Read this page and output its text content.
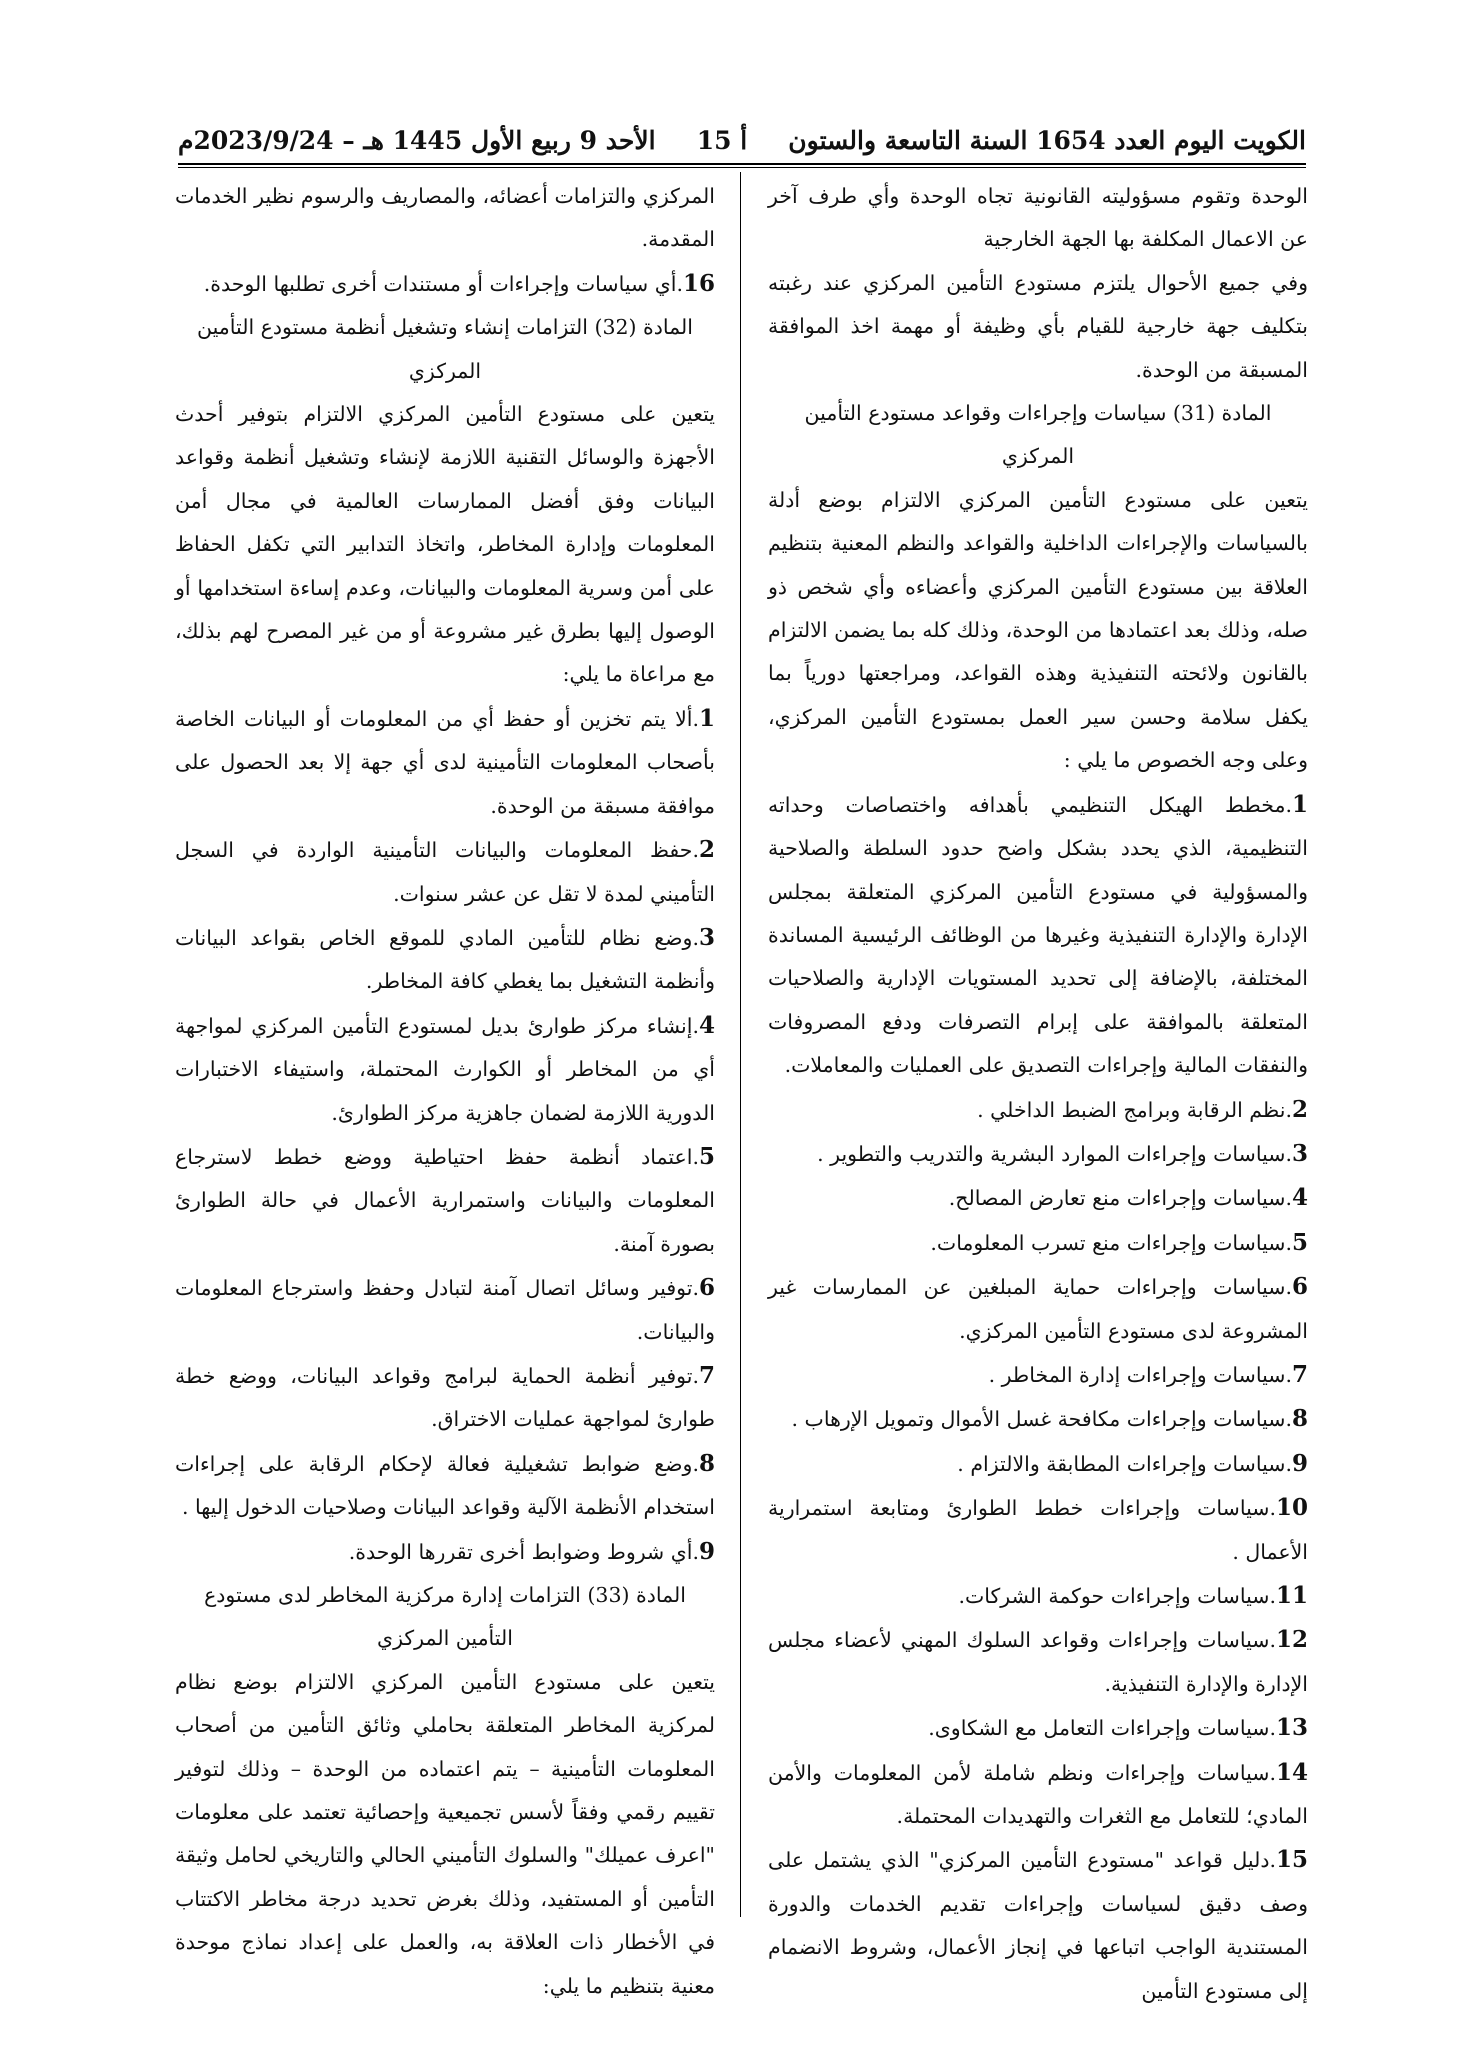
الكويت اليوم العدد 1654 السنة التاسعة والستون
أ 15
الأحد 9 ربيع الأول 1445 هـ – 2023/9/24م

الوحدة وتقوم مسؤوليته القانونية تجاه الوحدة وأي طرف آخر عن الاعمال المكلفة بها الجهة الخارجية

وفي جميع الأحوال يلتزم مستودع التأمين المركزي عند رغبته بتكليف جهة خارجية للقيام بأي وظيفة أو مهمة اخذ الموافقة المسبقة من الوحدة.

المادة (31) سياسات وإجراءات وقواعد مستودع التأمين المركزي

يتعين على مستودع التأمين المركزي الالتزام بوضع أدلة بالسياسات والإجراءات الداخلية والقواعد والنظم المعنية بتنظيم العلاقة بين مستودع التأمين المركزي وأعضاءه وأي شخص ذو صله، وذلك بعد اعتمادها من الوحدة، وذلك كله بما يضمن الالتزام بالقانون ولائحته التنفيذية وهذه القواعد، ومراجعتها دورياً بما يكفل سلامة وحسن سير العمل بمستودع التأمين المركزي، وعلى وجه الخصوص ما يلي :

1.مخطط الهيكل التنظيمي بأهدافه واختصاصات وحداته التنظيمية، الذي يحدد بشكل واضح حدود السلطة والصلاحية والمسؤولية في مستودع التأمين المركزي المتعلقة بمجلس الإدارة والإدارة التنفيذية وغيرها من الوظائف الرئيسية المساندة المختلفة، بالإضافة إلى تحديد المستويات الإدارية والصلاحيات المتعلقة بالموافقة على إبرام التصرفات ودفع المصروفات والنفقات المالية وإجراءات التصديق على العمليات والمعاملات.

2.نظم الرقابة وبرامج الضبط الداخلي .

3.سياسات وإجراءات الموارد البشرية والتدريب والتطوير .

4.سياسات وإجراءات منع تعارض المصالح.

5.سياسات وإجراءات منع تسرب المعلومات.

6.سياسات وإجراءات حماية المبلغين عن الممارسات غير المشروعة لدى مستودع التأمين المركزي.

7.سياسات وإجراءات إدارة المخاطر .

8.سياسات وإجراءات مكافحة غسل الأموال وتمويل الإرهاب .

9.سياسات وإجراءات المطابقة والالتزام .

10.سياسات وإجراءات خطط الطوارئ ومتابعة استمرارية الأعمال .

11.سياسات وإجراءات حوكمة الشركات.

12.سياسات وإجراءات وقواعد السلوك المهني لأعضاء مجلس الإدارة والإدارة التنفيذية.

13.سياسات وإجراءات التعامل مع الشكاوى.

14.سياسات وإجراءات ونظم شاملة لأمن المعلومات والأمن المادي؛ للتعامل مع الثغرات والتهديدات المحتملة.

15.دليل قواعد "مستودع التأمين المركزي" الذي يشتمل على وصف دقيق لسياسات وإجراءات تقديم الخدمات والدورة المستندية الواجب اتباعها في إنجاز الأعمال، وشروط الانضمام إلى مستودع التأمين

المركزي والتزامات أعضائه، والمصاريف والرسوم نظير الخدمات المقدمة.

16.أي سياسات وإجراءات أو مستندات أخرى تطلبها الوحدة.

المادة (32) التزامات إنشاء وتشغيل أنظمة مستودع التأمين المركزي

يتعين على مستودع التأمين المركزي الالتزام بتوفير أحدث الأجهزة والوسائل التقنية اللازمة لإنشاء وتشغيل أنظمة وقواعد البيانات وفق أفضل الممارسات العالمية في مجال أمن المعلومات وإدارة المخاطر، واتخاذ التدابير التي تكفل الحفاظ على أمن وسرية المعلومات والبيانات، وعدم إساءة استخدامها أو الوصول إليها بطرق غير مشروعة أو من غير المصرح لهم بذلك، مع مراعاة ما يلي:

1.ألا يتم تخزين أو حفظ أي من المعلومات أو البيانات الخاصة بأصحاب المعلومات التأمينية لدى أي جهة إلا بعد الحصول على موافقة مسبقة من الوحدة.

2.حفظ المعلومات والبيانات التأمينية الواردة في السجل التأميني لمدة لا تقل عن عشر سنوات.

3.وضع نظام للتأمين المادي للموقع الخاص بقواعد البيانات وأنظمة التشغيل بما يغطي كافة المخاطر.

4.إنشاء مركز طوارئ بديل لمستودع التأمين المركزي لمواجهة أي من المخاطر أو الكوارث المحتملة، واستيفاء الاختبارات الدورية اللازمة لضمان جاهزية مركز الطوارئ.

5.اعتماد أنظمة حفظ احتياطية ووضع خطط لاسترجاع المعلومات والبيانات واستمرارية الأعمال في حالة الطوارئ بصورة آمنة.

6.توفير وسائل اتصال آمنة لتبادل وحفظ واسترجاع المعلومات والبيانات.

7.توفير أنظمة الحماية لبرامج وقواعد البيانات، ووضع خطة طوارئ لمواجهة عمليات الاختراق.

8.وضع ضوابط تشغيلية فعالة لإحكام الرقابة على إجراءات استخدام الأنظمة الآلية وقواعد البيانات وصلاحيات الدخول إليها .

9.أي شروط وضوابط أخرى تقررها الوحدة.

المادة (33) التزامات إدارة مركزية المخاطر لدى مستودع التأمين المركزي

يتعين على مستودع التأمين المركزي الالتزام بوضع نظام لمركزية المخاطر المتعلقة بحاملي وثائق التأمين من أصحاب المعلومات التأمينية – يتم اعتماده من الوحدة – وذلك لتوفير تقييم رقمي وفقاً لأسس تجميعية وإحصائية تعتمد على معلومات "اعرف عميلك" والسلوك التأميني الحالي والتاريخي لحامل وثيقة التأمين أو المستفيد، وذلك بغرض تحديد درجة مخاطر الاكتتاب في الأخطار ذات العلاقة به، والعمل على إعداد نماذج موحدة معنية بتنظيم ما يلي:
